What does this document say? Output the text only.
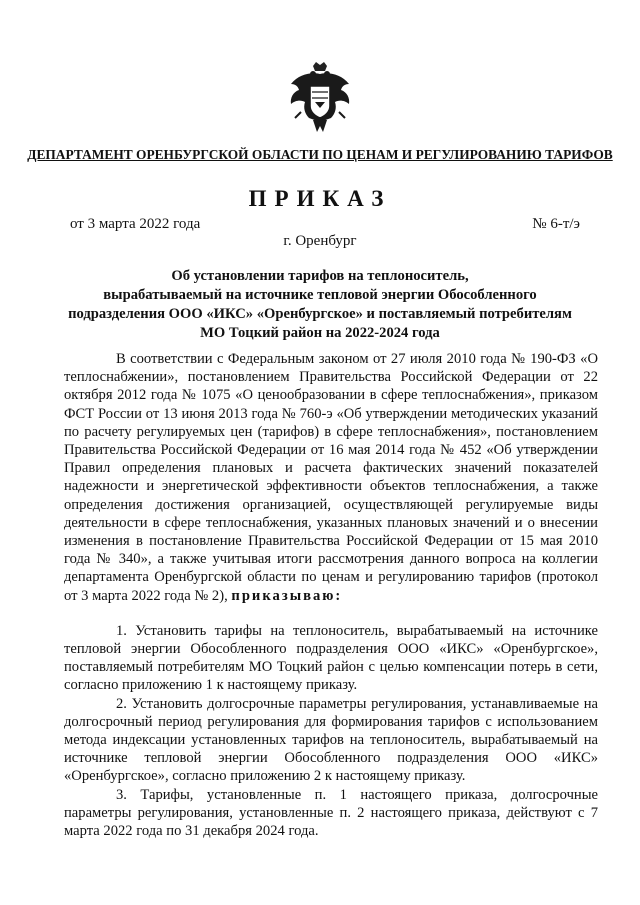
ДЕПАРТАМЕНТ ОРЕНБУРГСКОЙ ОБЛАСТИ ПО ЦЕНАМ И РЕГУЛИРОВАНИЮ ТАРИФОВ
ПРИКАЗ
от 3 марта 2022 года	№ 6-т/э
г. Оренбург
Об установлении тарифов на теплоноситель,
вырабатываемый на источнике тепловой энергии Обособленного
подразделения ООО «ИКС» «Оренбургское» и поставляемый потребителям
МО Тоцкий район на 2022-2024 года

В соответствии с Федеральным законом от 27 июля 2010 года № 190-ФЗ «О теплоснабжении», постановлением Правительства Российской Федерации от 22 октября 2012 года № 1075 «О ценообразовании в сфере теплоснабжения», приказом ФСТ России от 13 июня 2013 года № 760-э «Об утверждении методических указаний по расчету регулируемых цен (тарифов) в сфере теплоснабжения», постановлением Правительства Российской Федерации от 16 мая 2014 года № 452 «Об утверждении Правил определения плановых и расчета фактических значений показателей надежности и энергетической эффективности объектов теплоснабжения, а также определения достижения организацией, осуществляющей регулируемые виды деятельности в сфере теплоснабжения, указанных плановых значений и о внесении изменения в постановление Правительства Российской Федерации от 15 мая 2010 года № 340», а также учитывая итоги рассмотрения данного вопроса на коллегии департамента Оренбургской области по ценам и регулированию тарифов (протокол от 3 марта 2022 года № 2), приказываю:

1. Установить тарифы на теплоноситель, вырабатываемый на источнике тепловой энергии Обособленного подразделения ООО «ИКС» «Оренбургское», поставляемый потребителям МО Тоцкий район с целью компенсации потерь в сети, согласно приложению 1 к настоящему приказу.

2. Установить долгосрочные параметры регулирования, устанавливаемые на долгосрочный период регулирования для формирования тарифов с использованием метода индексации установленных тарифов на теплоноситель, вырабатываемый на источнике тепловой энергии Обособленного подразделения ООО «ИКС» «Оренбургское», согласно приложению 2 к настоящему приказу.

3. Тарифы, установленные п. 1 настоящего приказа, долгосрочные параметры регулирования, установленные п. 2 настоящего приказа, действуют с 7 марта 2022 года по 31 декабря 2024 года.
